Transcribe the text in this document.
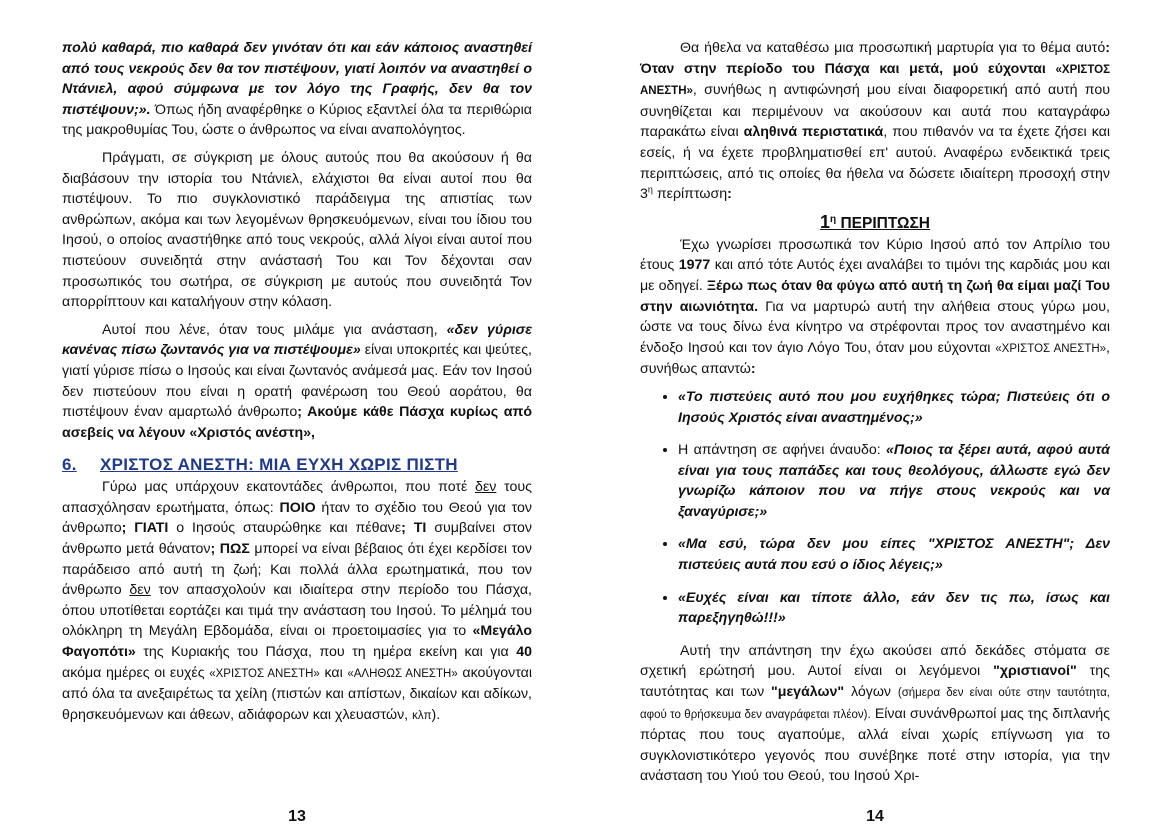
πολύ καθαρά, πιο καθαρά δεν γινόταν ότι και εάν κάποιος αναστηθεί από τους νεκρούς δεν θα τον πιστέψουν, γιατί λοιπόν να αναστηθεί ο Ντάνιελ, αφού σύμφωνα με τον λόγο της Γραφής, δεν θα τον πιστέψουν;». Όπως ήδη αναφέρθηκε ο Κύριος εξαντλεί όλα τα περιθώρια της μακροθυμίας Του, ώστε ο άνθρωπος να είναι αναπολόγητος.

Πράγματι, σε σύγκριση με όλους αυτούς που θα ακούσουν ή θα διαβάσουν την ιστορία του Ντάνιελ, ελάχιστοι θα είναι αυτοί που θα πιστέψουν. Το πιο συγκλονιστικό παράδειγμα της απιστίας των ανθρώπων, ακόμα και των λεγομένων θρησκευόμενων, είναι του ίδιου του Ιησού, ο οποίος αναστήθηκε από τους νεκρούς, αλλά λίγοι είναι αυτοί που πιστεύουν συνειδητά στην ανάστασή Του και Τον δέχονται σαν προσωπικός του σωτήρα, σε σύγκριση με αυτούς που συνειδητά Τον απορρίπτουν και καταλήγουν στην κόλαση.

Αυτοί που λένε, όταν τους μιλάμε για ανάσταση, «δεν γύρισε κανένας πίσω ζωντανός για να πιστέψουμε» είναι υποκριτές και ψεύτες, γιατί γύρισε πίσω ο Ιησούς και είναι ζωντανός ανάμεσά μας. Εάν τον Ιησού δεν πιστεύουν που είναι η ορατή φανέρωση του Θεού αοράτου, θα πιστέψουν έναν αμαρτωλό άνθρωπο; Ακούμε κάθε Πάσχα κυρίως από ασεβείς να λέγουν «Χριστός ανέστη»,

6.	ΧΡΙΣΤΟΣ ΑΝΕΣΤΗ: ΜΙΑ ΕΥΧΗ ΧΩΡΙΣ ΠΙΣΤΗ

Γύρω μας υπάρχουν εκατοντάδες άνθρωποι, που ποτέ δεν τους απασχόλησαν ερωτήματα, όπως: ΠΟΙΟ ήταν το σχέδιο του Θεού για τον άνθρωπο; ΓΙΑΤΙ ο Ιησούς σταυρώθηκε και πέθανε; ΤΙ συμβαίνει στον άνθρωπο μετά θάνατον; ΠΩΣ μπορεί να είναι βέβαιος ότι έχει κερδίσει τον παράδεισο από αυτή τη ζωή; Και πολλά άλλα ερωτηματικά, που τον άνθρωπο δεν τον απασχολούν και ιδιαίτερα στην περίοδο του Πάσχα, όπου υποτίθεται εορτάζει και τιμά την ανάσταση του Ιησού. Το μέλημά του ολόκληρη τη Μεγάλη Εβδομάδα, είναι οι προετοιμασίες για το «Μεγάλο Φαγοπότι» της Κυριακής του Πάσχα, που τη ημέρα εκείνη και για 40 ακόμα ημέρες οι ευχές «ΧΡΙΣΤΟΣ ΑΝΕΣΤΗ» και «ΑΛΗΘΩΣ ΑΝΕΣΤΗ» ακούγονται από όλα τα ανεξαιρέτως τα χείλη (πιστών και απίστων, δικαίων και αδίκων, θρησκευόμενων και άθεων, αδιάφορων και χλευαστών, κλπ).

13

Θα ήθελα να καταθέσω μια προσωπική μαρτυρία για το θέμα αυτό: Όταν στην περίοδο του Πάσχα και μετά, μού εύχονται «ΧΡΙΣΤΟΣ ΑΝΕΣΤΗ», συνήθως η αντιφώνησή μου είναι διαφορετική από αυτή που συνηθίζεται και περιμένουν να ακούσουν και αυτά που καταγράφω παρακάτω είναι αληθινά περιστατικά, που πιθανόν να τα έχετε ζήσει και εσείς, ή να έχετε προβληματισθεί επ' αυτού. Αναφέρω ενδεικτικά τρεις περιπτώσεις, από τις οποίες θα ήθελα να δώσετε ιδιαίτερη προσοχή στην $3^\eta$ περίπτωση:

$1^\eta$ ΠΕΡΙΠΤΩΣΗ

Έχω γνωρίσει προσωπικά τον Κύριο Ιησού από τον Απρίλιο του έτους 1977 και από τότε Αυτός έχει αναλάβει το τιμόνι της καρδιάς μου και με οδηγεί. Ξέρω πως όταν θα φύγω από αυτή τη ζωή θα είμαι μαζί Του στην αιωνιότητα. Για να μαρτυρώ αυτή την αλήθεια στους γύρω μου, ώστε να τους δίνω ένα κίνητρο να στρέφονται προς τον αναστημένο και ένδοξο Ιησού και τον άγιο Λόγο Του, όταν μου εύχονται «ΧΡΙΣΤΟΣ ΑΝΕΣΤΗ», συνήθως απαντώ:

• «Το πιστεύεις αυτό που μου ευχήθηκες τώρα; Πιστεύεις ότι ο Ιησούς Χριστός είναι αναστημένος;»
• Η απάντηση σε αφήνει άναυδο: «Ποιος τα ξέρει αυτά, αφού αυτά είναι για τους παπάδες και τους θεολόγους, άλλωστε εγώ δεν γνωρίζω κάποιον που να πήγε στους νεκρούς και να ξαναγύρισε;»
• «Μα εσύ, τώρα δεν μου είπες "ΧΡΙΣΤΟΣ ΑΝΕΣΤΗ"; Δεν πιστεύεις αυτά που εσύ ο ίδιος λέγεις;»
• «Ευχές είναι και τίποτε άλλο, εάν δεν τις πω, ίσως και παρεξηγηθώ!!!»

Αυτή την απάντηση την έχω ακούσει από δεκάδες στόματα σε σχετική ερώτησή μου. Αυτοί είναι οι λεγόμενοι "χριστιανοί" της ταυτότητας και των "μεγάλων" λόγων (σήμερα δεν είναι ούτε στην ταυτότητα, αφού το θρήσκευμα δεν αναγράφεται πλέον). Είναι συνάνθρωποί μας της διπλανής πόρτας που τους αγαπούμε, αλλά είναι χωρίς επίγνωση για το συγκλονιστικότερο γεγονός που συνέβηκε ποτέ στην ιστορία, για την ανάσταση του Υιού του Θεού, του Ιησού Χρι-

14
